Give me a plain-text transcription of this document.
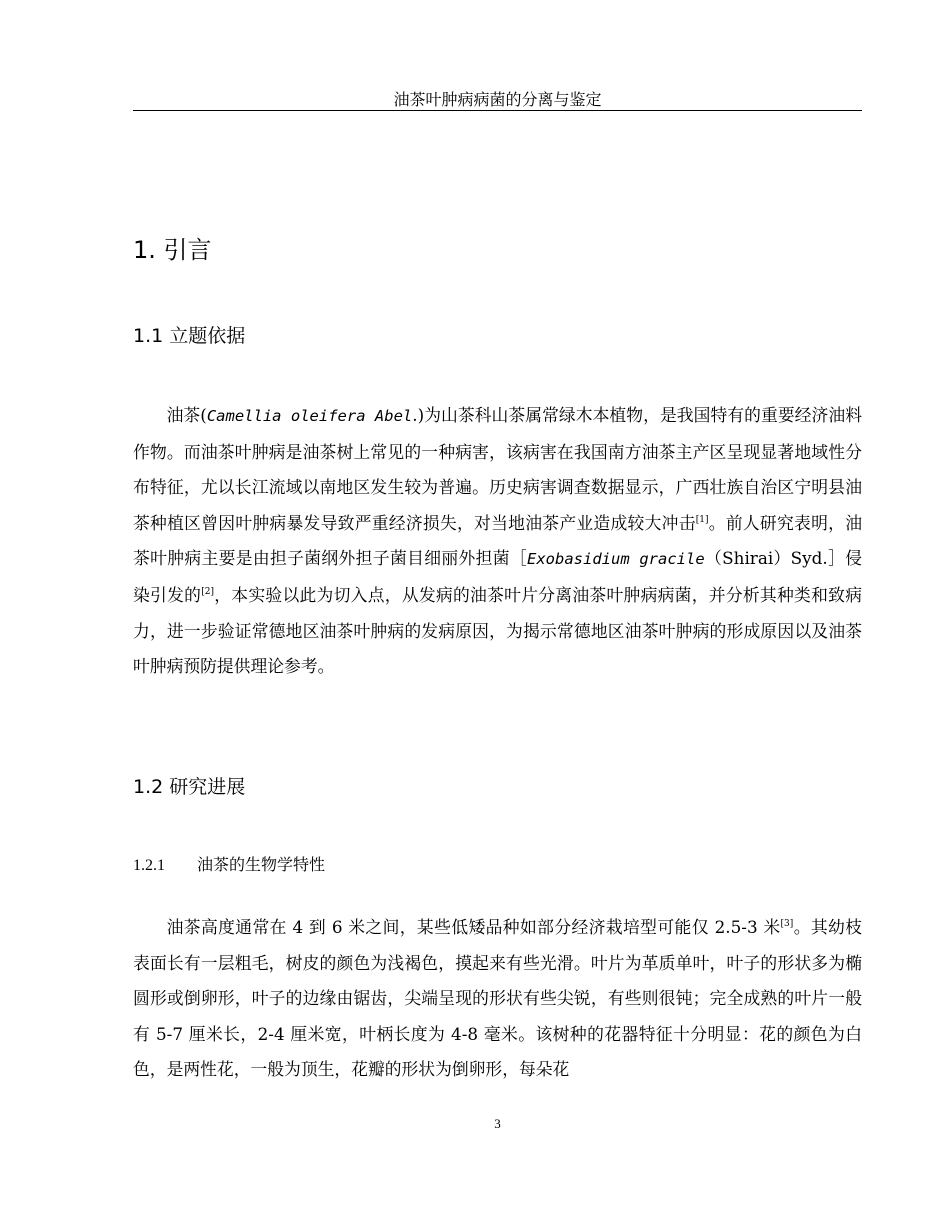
油茶叶肿病病菌的分离与鉴定
1. 引言
1.1 立题依据
油茶(Camellia oleifera Abel.)为山茶科山茶属常绿木本植物，是我国特有的重要经济油料作物。而油茶叶肿病是油茶树上常见的一种病害，该病害在我国南方油茶主产区呈现显著地域性分布特征，尤以长江流域以南地区发生较为普遍。历史病害调查数据显示，广西壮族自治区宁明县油茶种植区曾因叶肿病暴发导致严重经济损失，对当地油茶产业造成较大冲击[1]。前人研究表明，油茶叶肿病主要是由担子菌纲外担子菌目细丽外担菌［Exobasidium gracile（Shirai）Syd.］侵染引发的[2]，本实验以此为切入点，从发病的油茶叶片分离油茶叶肿病病菌，并分析其种类和致病力，进一步验证常德地区油茶叶肿病的发病原因，为揭示常德地区油茶叶肿病的形成原因以及油茶叶肿病预防提供理论参考。
1.2 研究进展
1.2.1 油茶的生物学特性
油茶高度通常在 4 到 6 米之间，某些低矮品种如部分经济栽培型可能仅 2.5-3 米[3]。其幼枝表面长有一层粗毛，树皮的颜色为浅褐色，摸起来有些光滑。叶片为革质单叶，叶子的形状多为椭圆形或倒卵形，叶子的边缘由锯齿，尖端呈现的形状有些尖锐，有些则很钝；完全成熟的叶片一般有 5-7 厘米长，2-4 厘米宽，叶柄长度为 4-8 毫米。该树种的花器特征十分明显：花的颜色为白色，是两性花，一般为顶生，花瓣的形状为倒卵形，每朵花
3
